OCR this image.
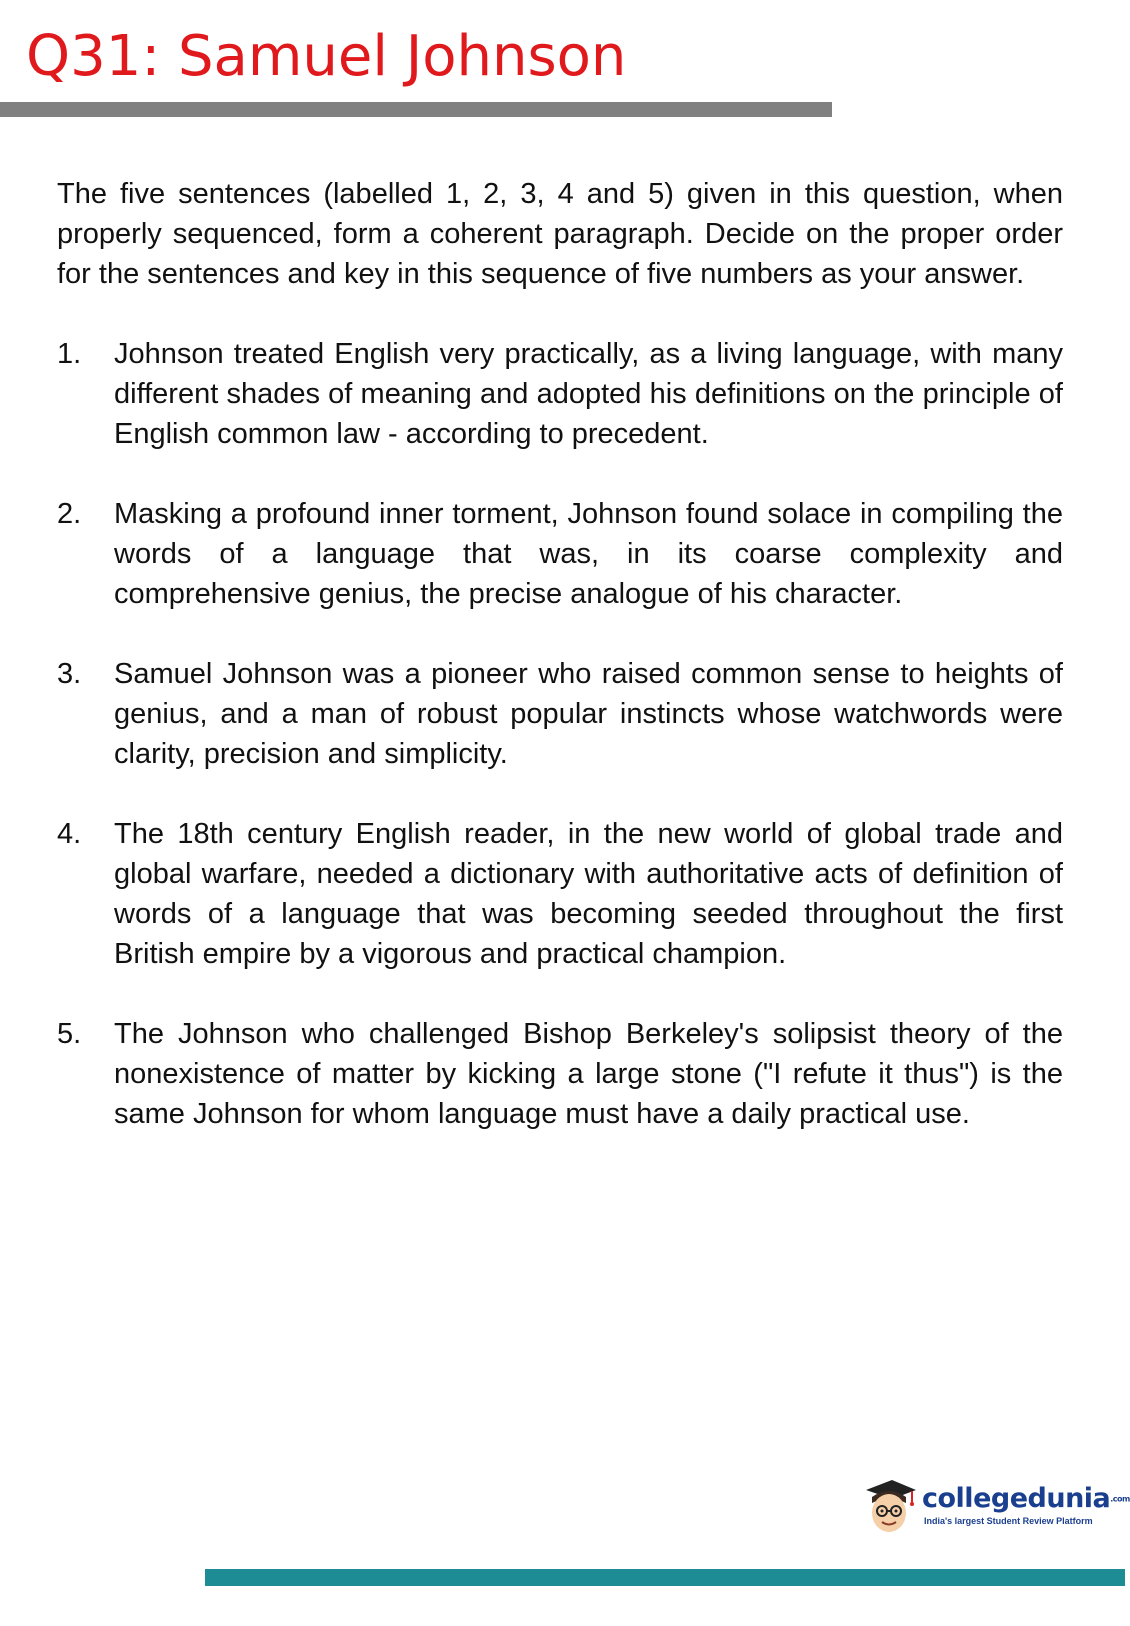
Q31: Samuel Johnson

The five sentences (labelled 1, 2, 3, 4 and 5) given in this question, when properly sequenced, form a coherent paragraph. Decide on the proper order for the sentences and key in this sequence of five numbers as your answer.

1.	Johnson treated English very practically, as a living language, with many different shades of meaning and adopted his definitions on the principle of English common law - according to precedent.
2.	Masking a profound inner torment, Johnson found solace in compiling the words of a language that was, in its coarse complexity and comprehensive genius, the precise analogue of his character.
3.	Samuel Johnson was a pioneer who raised common sense to heights of genius, and a man of robust popular instincts whose watchwords were clarity, precision and simplicity.
4.	The 18th century English reader, in the new world of global trade and global warfare, needed a dictionary with authoritative acts of definition of words of a language that was becoming seeded throughout the first British empire by a vigorous and practical champion.
5.	The Johnson who challenged Bishop Berkeley's solipsist theory of the nonexistence of matter by kicking a large stone ("I refute it thus") is the same Johnson for whom language must have a daily practical use.
collegedunia.com
India's largest Student Review Platform
